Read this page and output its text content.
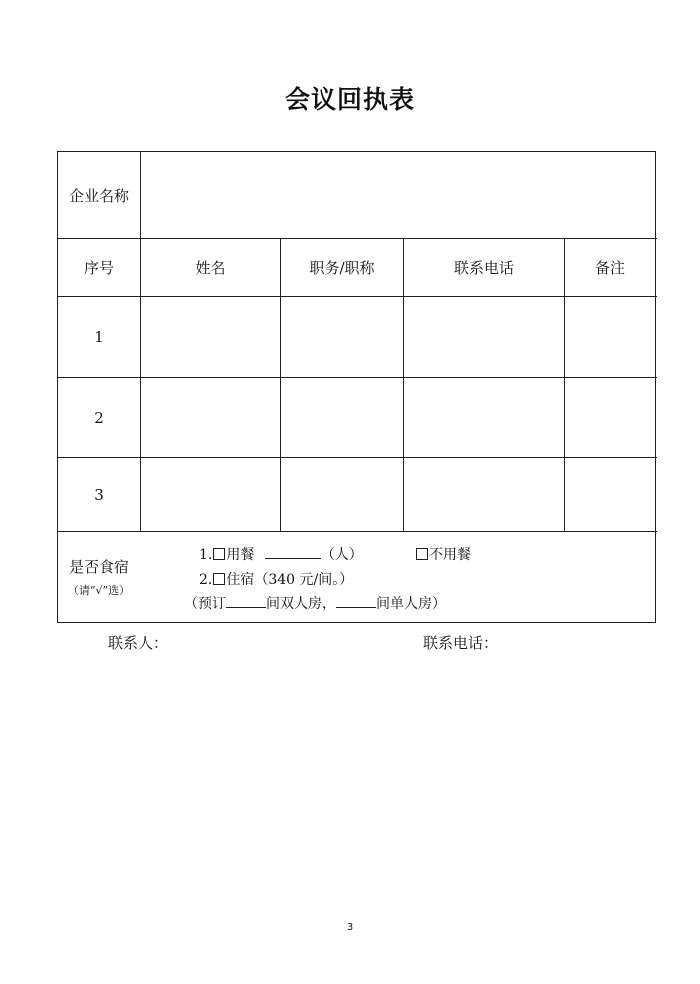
会议回执表
企业名称
序号	姓名	职务/职称	联系电话	备注
1
2
3
是否食宿
（请“√”选）
1. 用餐	（人）	不用餐
2. 住宿（340 元/间。）
（预订	间双人房，	间单人房）
联系人：	联系电话：
3
